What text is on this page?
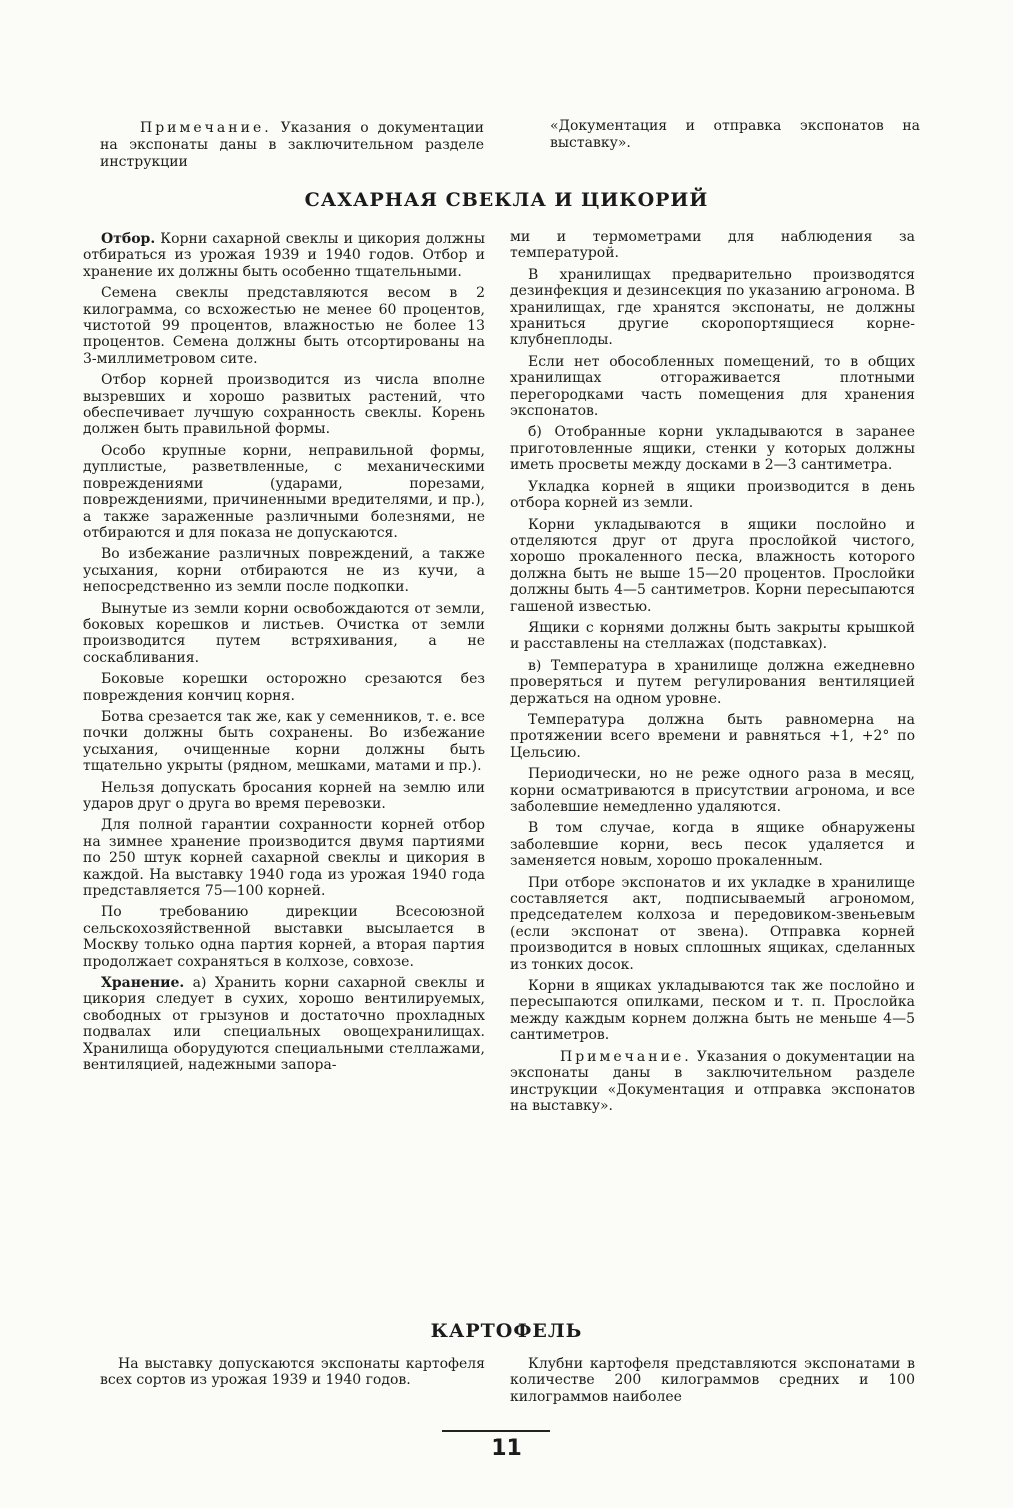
Примечание. Указания о документации на экспонаты даны в заключительном разделе инструкции

«Документация и отправка экспонатов на выставку».

САХАРНАЯ СВЕКЛА И ЦИКОРИЙ

Отбор. Корни сахарной свеклы и цикория должны отбираться из урожая 1939 и 1940 годов. Отбор и хранение их должны быть особенно тщательными.

Семена свеклы представляются весом в 2 килограмма, со всхожестью не менее 60 процентов, чистотой 99 процентов, влажностью не более 13 процентов. Семена должны быть отсортированы на 3-миллиметровом сите.

Отбор корней производится из числа вполне вызревших и хорошо развитых растений, что обеспечивает лучшую сохранность свеклы. Корень должен быть правильной формы.

Особо крупные корни, неправильной формы, дуплистые, разветвленные, с механическими повреждениями (ударами, порезами, повреждениями, причиненными вредителями, и пр.), а также зараженные различными болезнями, не отбираются и для показа не допускаются.

Во избежание различных повреждений, а также усыхания, корни отбираются не из кучи, а непосредственно из земли после подкопки.

Вынутые из земли корни освобождаются от земли, боковых корешков и листьев. Очистка от земли производится путем встряхивания, а не соскабливания.

Боковые корешки осторожно срезаются без повреждения кончиц корня.

Ботва срезается так же, как у семенников, т. е. все почки должны быть сохранены. Во избежание усыхания, очищенные корни должны быть тщательно укрыты (рядном, мешками, матами и пр.).

Нельзя допускать бросания корней на землю или ударов друг о друга во время перевозки.

Для полной гарантии сохранности корней отбор на зимнее хранение производится двумя партиями по 250 штук корней сахарной свеклы и цикория в каждой. На выставку 1940 года из урожая 1940 года представляется 75—100 корней.

По требованию дирекции Всесоюзной сельскохозяйственной выставки высылается в Москву только одна партия корней, а вторая партия продолжает сохраняться в колхозе, совхозе.

Хранение. а) Хранить корни сахарной свеклы и цикория следует в сухих, хорошо вентилируемых, свободных от грызунов и достаточно прохладных подвалах или специальных овощехранилищах. Хранилища оборудуются специальными стеллажами, вентиляцией, надежными запора-

ми и термометрами для наблюдения за температурой.

В хранилищах предварительно производятся дезинфекция и дезинсекция по указанию агронома. В хранилищах, где хранятся экспонаты, не должны храниться другие скоропортящиеся корне-клубнеплоды.

Если нет обособленных помещений, то в общих хранилищах отгораживается плотными перегородками часть помещения для хранения экспонатов.

б) Отобранные корни укладываются в заранее приготовленные ящики, стенки у которых должны иметь просветы между досками в 2—3 сантиметра.

Укладка корней в ящики производится в день отбора корней из земли.

Корни укладываются в ящики послойно и отделяются друг от друга прослойкой чистого, хорошо прокаленного песка, влажность которого должна быть не выше 15—20 процентов. Прослойки должны быть 4—5 сантиметров. Корни пересыпаются гашеной известью.

Ящики с корнями должны быть закрыты крышкой и расставлены на стеллажах (подставках).

в) Температура в хранилище должна ежедневно проверяться и путем регулирования вентиляцией держаться на одном уровне.

Температура должна быть равномерна на протяжении всего времени и равняться +1, +2° по Цельсию.

Периодически, но не реже одного раза в месяц, корни осматриваются в присутствии агронома, и все заболевшие немедленно удаляются.

В том случае, когда в ящике обнаружены заболевшие корни, весь песок удаляется и заменяется новым, хорошо прокаленным.

При отборе экспонатов и их укладке в хранилище составляется акт, подписываемый агрономом, председателем колхоза и передовиком-звеньевым (если экспонат от звена). Отправка корней производится в новых сплошных ящиках, сделанных из тонких досок.

Корни в ящиках укладываются так же послойно и пересыпаются опилками, песком и т. п. Прослойка между каждым корнем должна быть не меньше 4—5 сантиметров.

Примечание. Указания о документации на экспонаты даны в заключительном разделе инструкции «Документация и отправка экспонатов на выставку».

КАРТОФЕЛЬ

На выставку допускаются экспонаты картофеля всех сортов из урожая 1939 и 1940 годов.

Клубни картофеля представляются экспонатами в количестве 200 килограммов средних и 100 килограммов наиболее

11
